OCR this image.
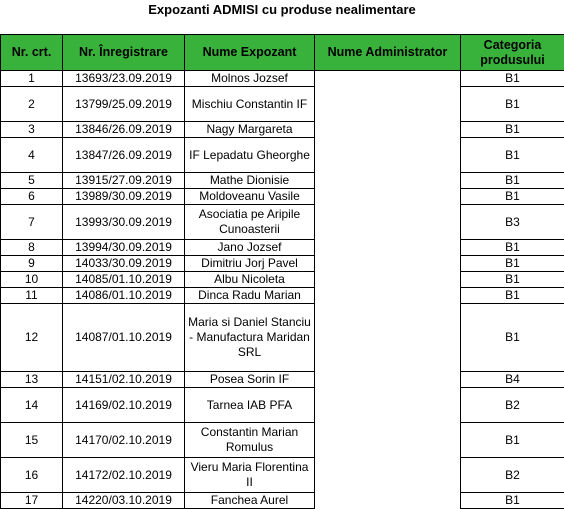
Expozanti ADMISI cu produse nealimentare
Nr. crt.	Nr. Înregistrare	Nume Expozant	Nume Administrator	Categoria produsului
1	13693/23.09.2019	Molnos Jozsef		B1
2	13799/25.09.2019	Mischiu Constantin IF		B1
3	13846/26.09.2019	Nagy Margareta		B1
4	13847/26.09.2019	IF Lepadatu Gheorghe		B1
5	13915/27.09.2019	Mathe Dionisie		B1
6	13989/30.09.2019	Moldoveanu Vasile		B1
7	13993/30.09.2019	Asociatia pe Aripile Cunoasterii		B3
8	13994/30.09.2019	Jano Jozsef		B1
9	14033/30.09.2019	Dimitriu Jorj Pavel		B1
10	14085/01.10.2019	Albu Nicoleta		B1
11	14086/01.10.2019	Dinca Radu Marian		B1
12	14087/01.10.2019	Maria si Daniel Stanciu - Manufactura Maridan SRL		B1
13	14151/02.10.2019	Posea Sorin IF		B4
14	14169/02.10.2019	Tarnea IAB PFA		B2
15	14170/02.10.2019	Constantin Marian Romulus		B1
16	14172/02.10.2019	Vieru Maria Florentina II		B2
17	14220/03.10.2019	Fanchea Aurel		B1
